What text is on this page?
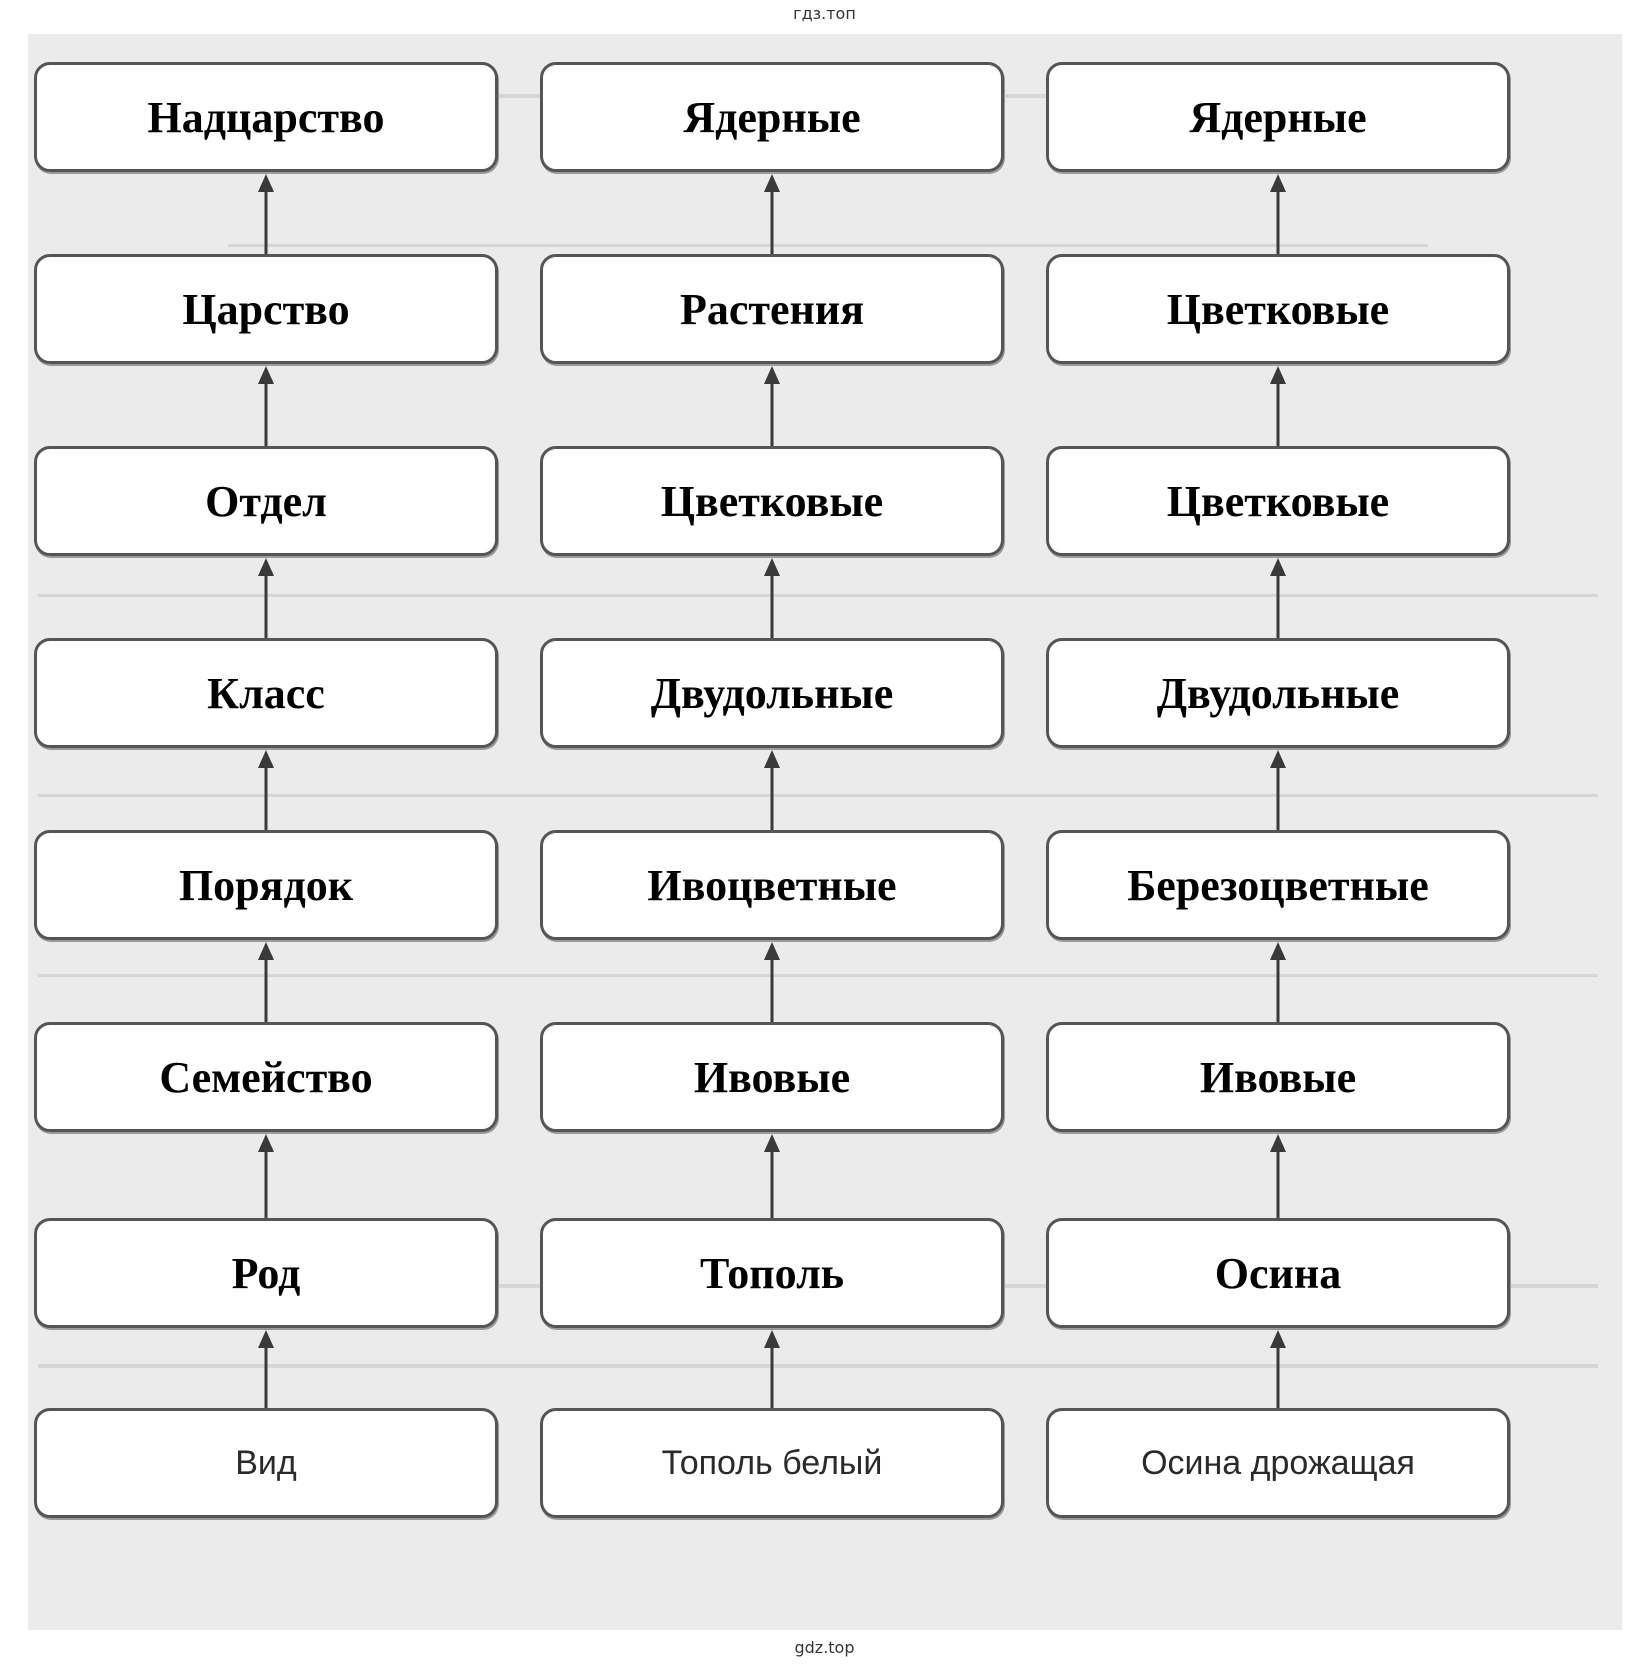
гдз.топ
Надцарство
Царство
Отдел
Класс
Порядок
Семейство
Род
Вид
Ядерные
Растения
Цветковые
Двудольные
Ивоцветные
Ивовые
Тополь
Тополь белый
Ядерные
Цветковые
Цветковые
Двудольные
Березоцветные
Ивовые
Осина
Осина дрожащая
gdz.top
